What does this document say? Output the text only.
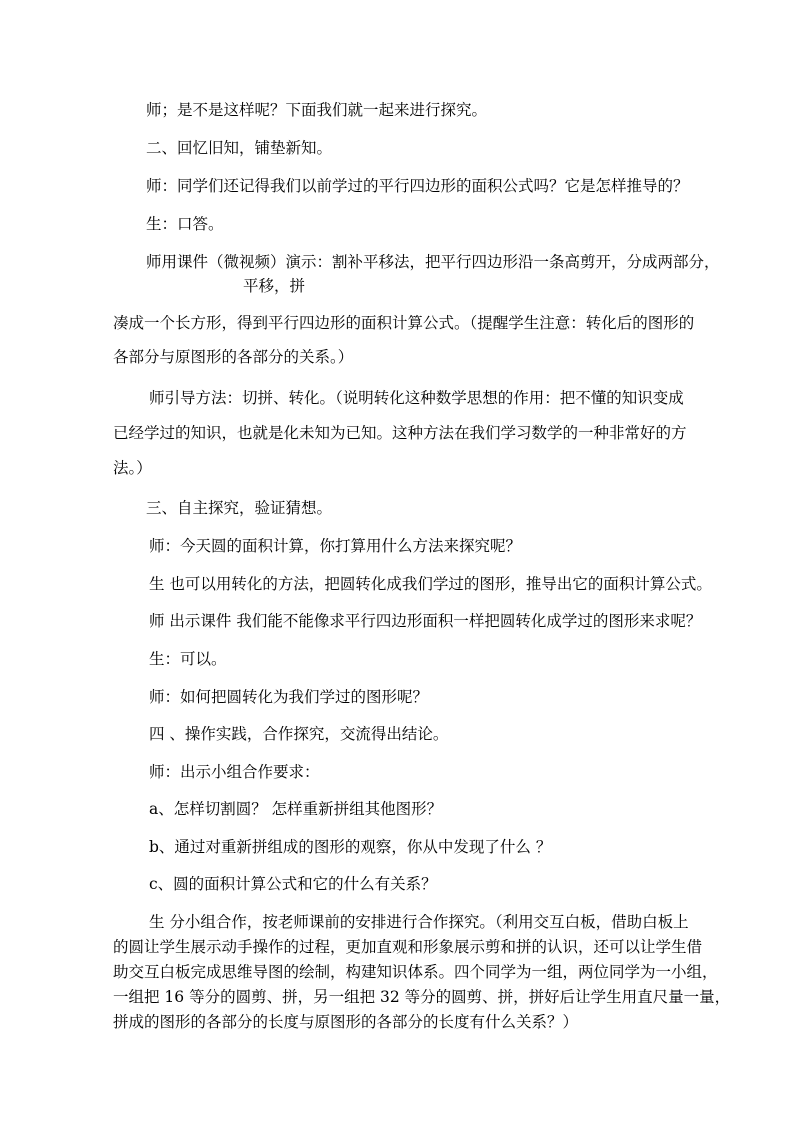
师；是不是这样呢？下面我们就一起来进行探究。

二、回忆旧知，铺垫新知。

师：同学们还记得我们以前学过的平行四边形的面积公式吗？它是怎样推导的？

生：口答。

师用课件（微视频）演示：割补平移法，把平行四边形沿一条高剪开，分成两部分，

平移，拼

凑成一个长方形，得到平行四边形的面积计算公式。（提醒学生注意：转化后的图形的

各部分与原图形的各部分的关系。）

师引导方法：切拼、转化。（说明转化这种数学思想的作用：把不懂的知识变成

已经学过的知识，也就是化未知为已知。这种方法在我们学习数学的一种非常好的方

法。）

三、自主探究，验证猜想。

师：今天圆的面积计算，你打算用什么方法来探究呢？

生 也可以用转化的方法，把圆转化成我们学过的图形，推导出它的面积计算公式。

师 出示课件 我们能不能像求平行四边形面积一样把圆转化成学过的图形来求呢？

生：可以。

师：如何把圆转化为我们学过的图形呢？

四 、操作实践，合作探究，交流得出结论。

师：出示小组合作要求：

a、怎样切割圆？ 怎样重新拼组其他图形？

b、通过对重新拼组成的图形的观察，你从中发现了什么 ？

c、圆的面积计算公式和它的什么有关系？

生 分小组合作，按老师课前的安排进行合作探究。（利用交互白板，借助白板上

的圆让学生展示动手操作的过程，更加直观和形象展示剪和拼的认识，还可以让学生借

助交互白板完成思维导图的绘制，构建知识体系。四个同学为一组，两位同学为一小组，

一组把 16 等分的圆剪、拼，另一组把 32 等分的圆剪、拼，拼好后让学生用直尺量一量，

拼成的图形的各部分的长度与原图形的各部分的长度有什么关系？）
